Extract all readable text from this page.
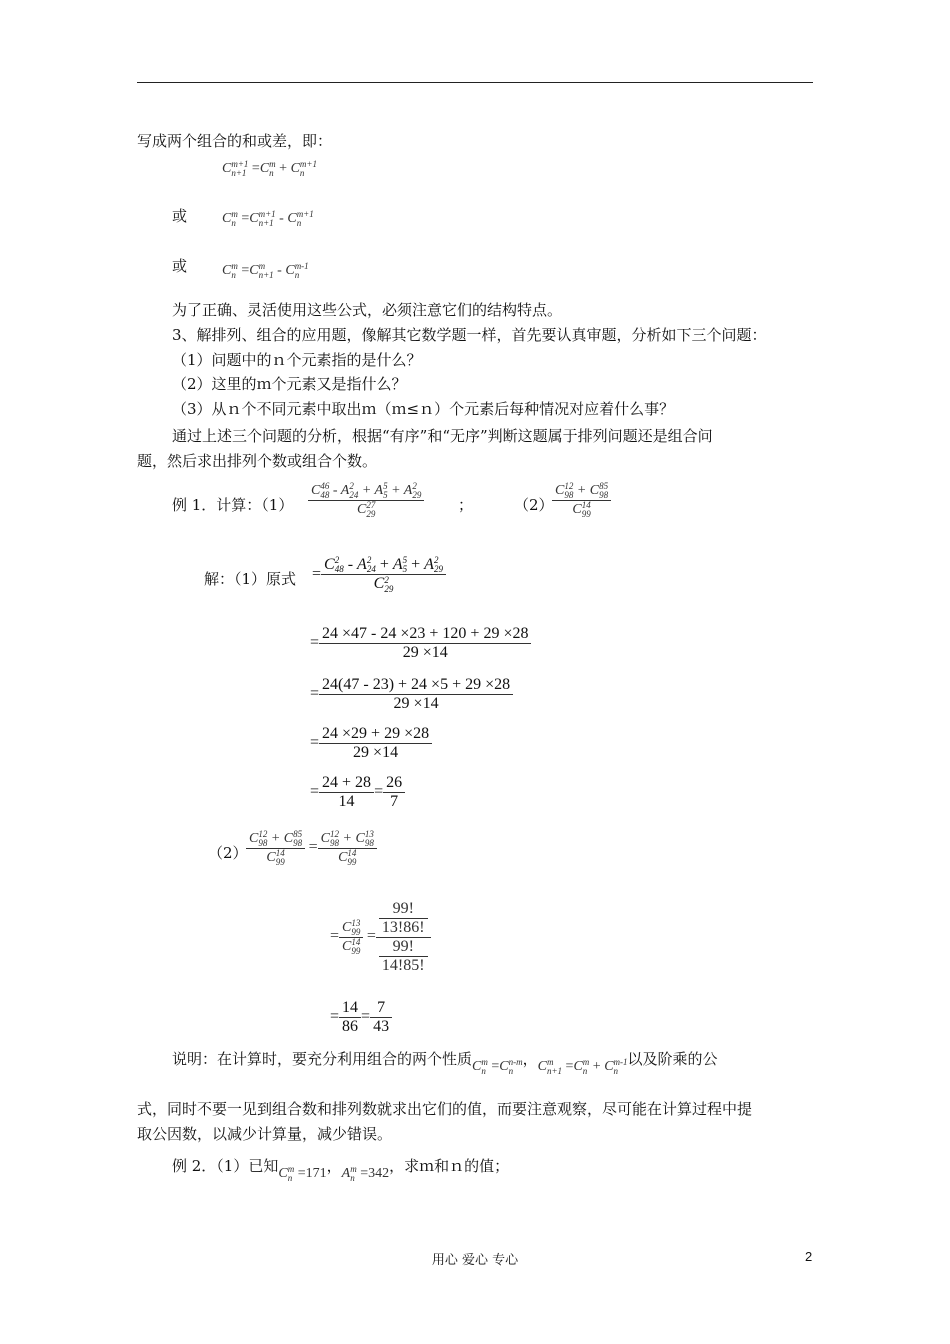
写成两个组合的和或差，即：
Cm+1
n+1 =Cm
n + Cm+1
n
或 Cm
n =Cm+1
n+1 - Cm+1
n
或 Cm
n =Cm
n+1 - Cm-1
n
为了正确、灵活使用这些公式，必须注意它们的结构特点。
3、解排列、组合的应用题，像解其它数学题一样，首先要认真审题，分析如下三个问题：
（1）问题中的ｎ个元素指的是什么？
（2）这里的ｍ个元素又是指什么？
（3）从ｎ个不同元素中取出ｍ（ｍ≤ｎ）个元素后每种情况对应着什么事？
通过上述三个问题的分析，根据“有序”和“无序”判断这题属于排列问题还是组合问
题，然后求出排列个数或组合个数。
例 1．计算：（1）
C46
48 - A2
24 + A5
5 + A2
29
C27
29	；	（2）
C12
98 + C85
98
C14
99
解：（1）原式 =
C2
48 - A2
24 + A5
5 + A2
29
C2
29
= $\frac{24 \times 47 - 24 \times 23 + 120 + 29 \times 28}{29 \times 14}$
= $\frac{24(47 - 23) + 24 \times 5 + 29 \times 28}{29 \times 14}$
= $\frac{24 \times 29 + 29 \times 28}{29 \times 14}$
= $\frac{24 + 28}{14} = \frac{26}{7}$
（2）
C12
98 + C85
98
C14
99
= C12
98 + C13
98
C14
99
= C13
99
C14
99
= $\frac{\frac{99!}{13!86!}}{\frac{99!}{14!85!}}$
= $\frac{14}{86} = \frac{7}{43}$
说明：在计算时，要充分利用组合的两个性质Cm
n =Cn-m
n，Cm
n+1 =Cm
n + Cm-1
n以及阶乘的公
式，同时不要一见到组合数和排列数就求出它们的值，而要注意观察，尽可能在计算过程中提
取公因数，以减少计算量，减少错误。
例 2．（1）已知Cm
n =171，Am
n =342，求ｍ和ｎ的值；
用心 爱心 专心	2
